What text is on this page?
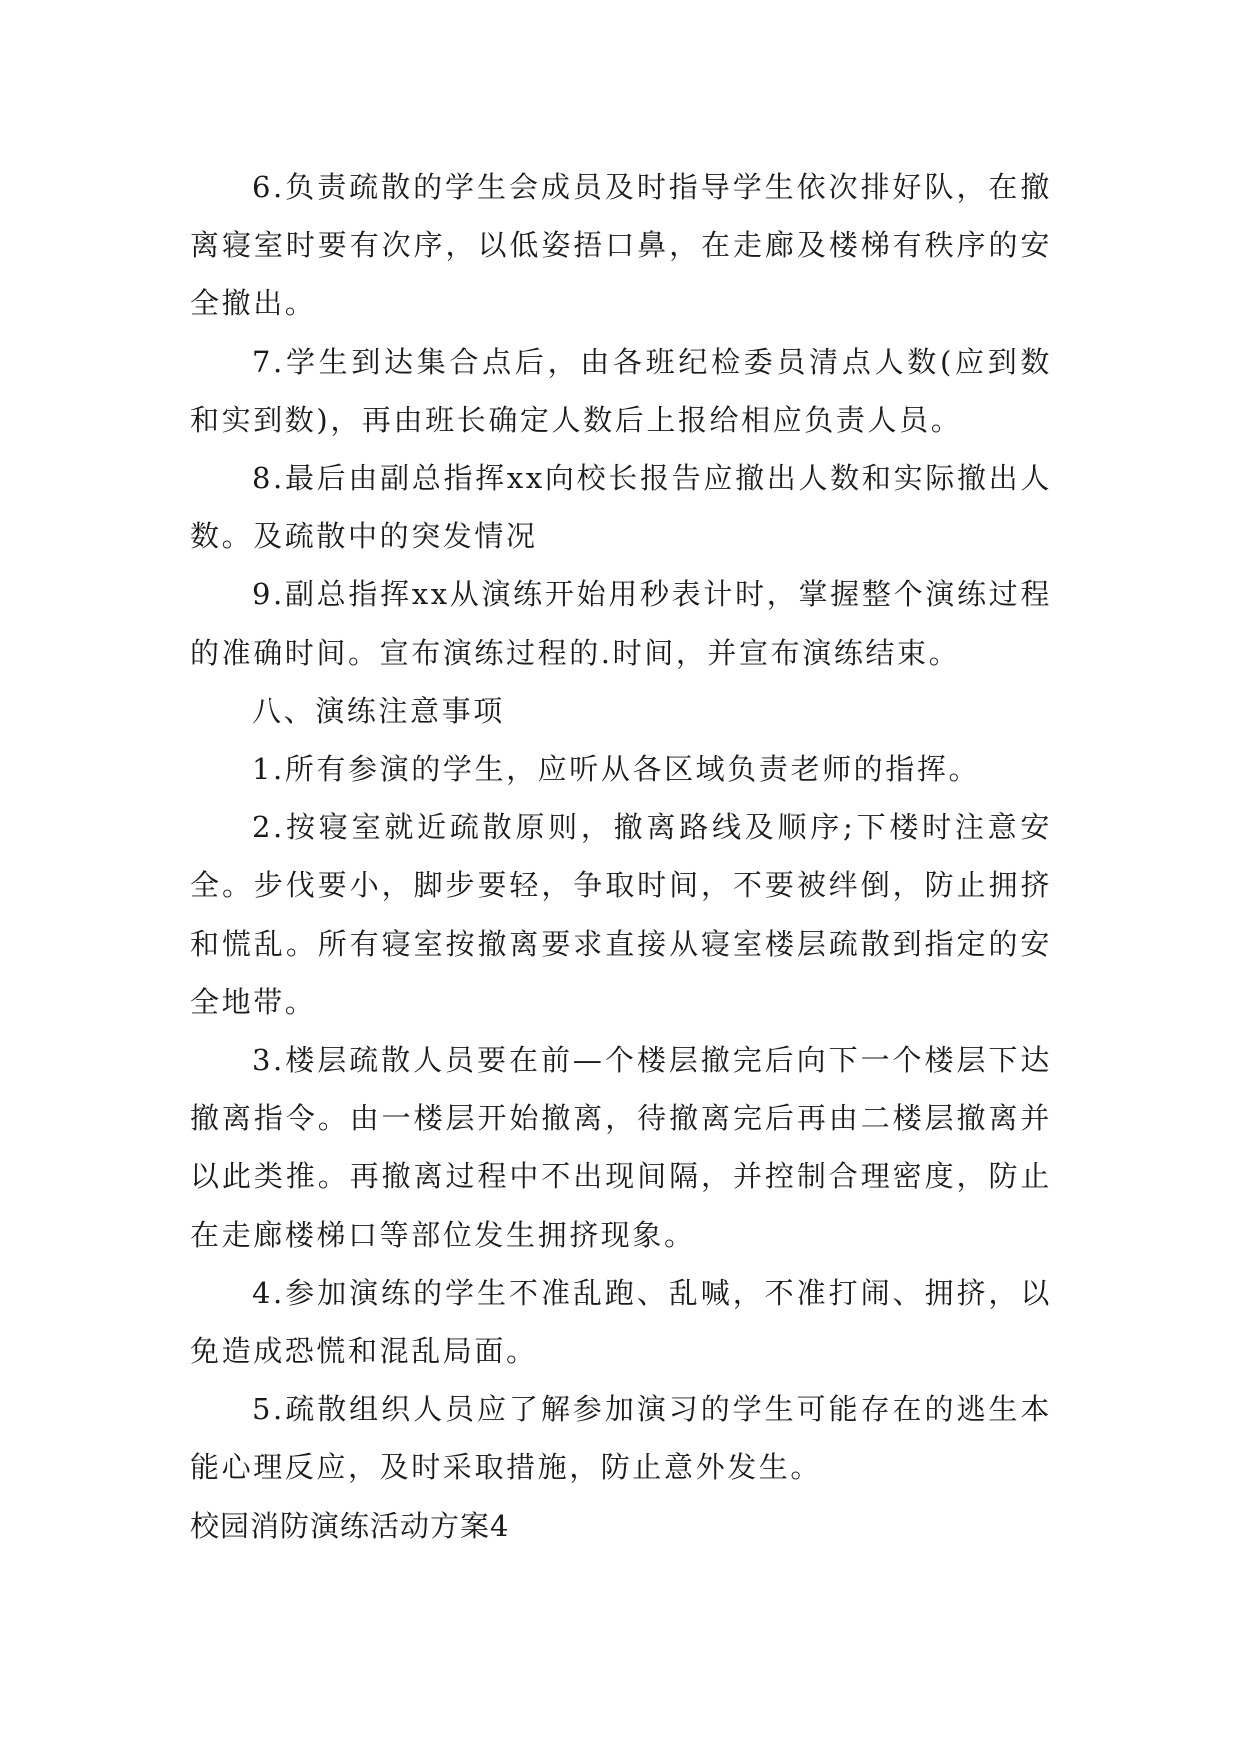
6.负责疏散的学生会成员及时指导学生依次排好队，在撤离寝室时要有次序，以低姿捂口鼻，在走廊及楼梯有秩序的安全撤出。

7.学生到达集合点后，由各班纪检委员清点人数(应到数和实到数)，再由班长确定人数后上报给相应负责人员。

8.最后由副总指挥xx向校长报告应撤出人数和实际撤出人数。及疏散中的突发情况

9.副总指挥xx从演练开始用秒表计时，掌握整个演练过程的准确时间。宣布演练过程的.时间，并宣布演练结束。

八、演练注意事项

1.所有参演的学生，应听从各区域负责老师的指挥。

2.按寝室就近疏散原则，撤离路线及顺序;下楼时注意安全。步伐要小，脚步要轻，争取时间，不要被绊倒，防止拥挤和慌乱。所有寝室按撤离要求直接从寝室楼层疏散到指定的安全地带。

3.楼层疏散人员要在前—个楼层撤完后向下一个楼层下达撤离指令。由一楼层开始撤离，待撤离完后再由二楼层撤离并以此类推。再撤离过程中不出现间隔，并控制合理密度，防止在走廊楼梯口等部位发生拥挤现象。

4.参加演练的学生不准乱跑、乱喊，不准打闹、拥挤，以免造成恐慌和混乱局面。

5.疏散组织人员应了解参加演习的学生可能存在的逃生本能心理反应，及时采取措施，防止意外发生。

校园消防演练活动方案4
